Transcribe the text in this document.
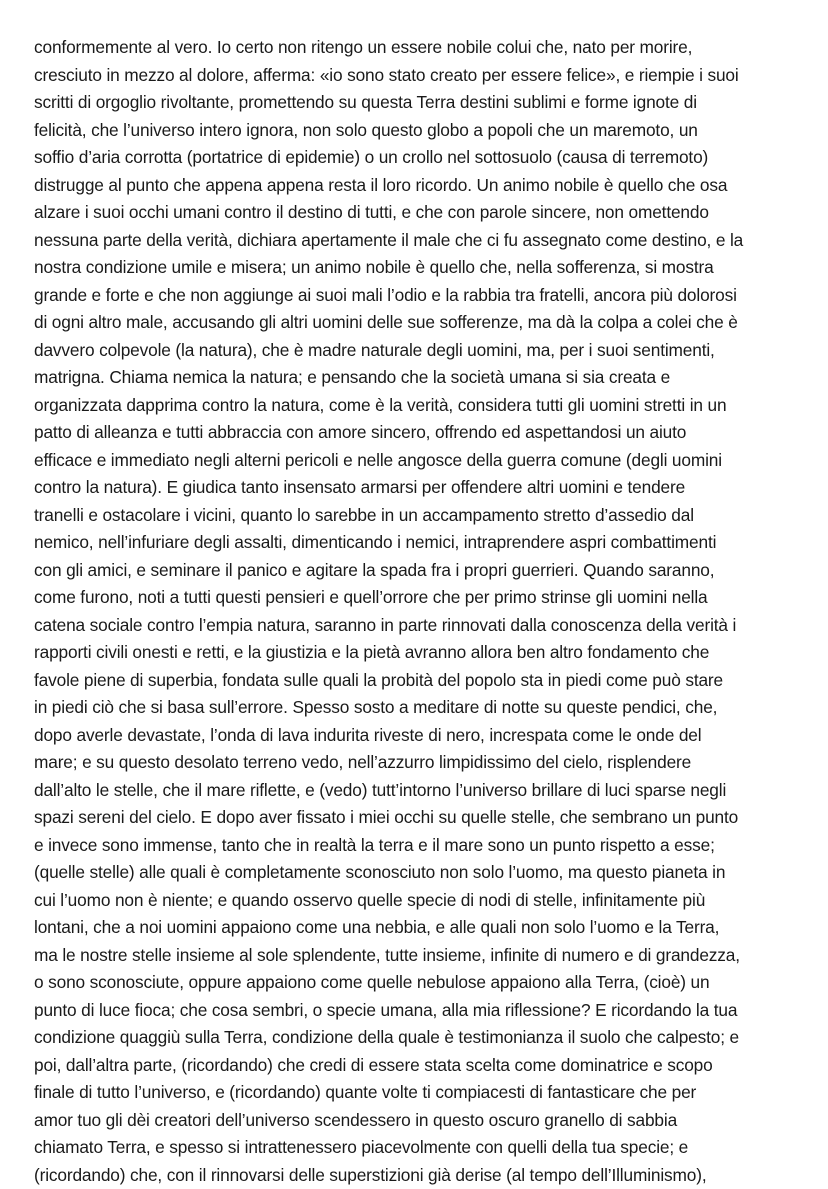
conformemente al vero. Io certo non ritengo un essere nobile colui che, nato per morire,
cresciuto in mezzo al dolore, afferma: «io sono stato creato per essere felice», e riempie i suoi
scritti di orgoglio rivoltante, promettendo su questa Terra destini sublimi e forme ignote di
felicità, che l’universo intero ignora, non solo questo globo a popoli che un maremoto, un
soffio d’aria corrotta (portatrice di epidemie) o un crollo nel sottosuolo (causa di terremoto)
distrugge al punto che appena appena resta il loro ricordo. Un animo nobile è quello che osa
alzare i suoi occhi umani contro il destino di tutti, e che con parole sincere, non omettendo
nessuna parte della verità, dichiara apertamente il male che ci fu assegnato come destino, e la
nostra condizione umile e misera; un animo nobile è quello che, nella sofferenza, si mostra
grande e forte e che non aggiunge ai suoi mali l’odio e la rabbia tra fratelli, ancora più dolorosi
di ogni altro male, accusando gli altri uomini delle sue sofferenze, ma dà la colpa a colei che è
davvero colpevole (la natura), che è madre naturale degli uomini, ma, per i suoi sentimenti,
matrigna. Chiama nemica la natura; e pensando che la società umana si sia creata e
organizzata dapprima contro la natura, come è la verità, considera tutti gli uomini stretti in un
patto di alleanza e tutti abbraccia con amore sincero, offrendo ed aspettandosi un aiuto
efficace e immediato negli alterni pericoli e nelle angosce della guerra comune (degli uomini
contro la natura). E giudica tanto insensato armarsi per offendere altri uomini e tendere
tranelli e ostacolare i vicini, quanto lo sarebbe in un accampamento stretto d’assedio dal
nemico, nell’infuriare degli assalti, dimenticando i nemici, intraprendere aspri combattimenti
con gli amici, e seminare il panico e agitare la spada fra i propri guerrieri. Quando saranno,
come furono, noti a tutti questi pensieri e quell’orrore che per primo strinse gli uomini nella
catena sociale contro l’empia natura, saranno in parte rinnovati dalla conoscenza della verità i
rapporti civili onesti e retti, e la giustizia e la pietà avranno allora ben altro fondamento che
favole piene di superbia, fondata sulle quali la probità del popolo sta in piedi come può stare
in piedi ciò che si basa sull’errore. Spesso sosto a meditare di notte su queste pendici, che,
dopo averle devastate, l’onda di lava indurita riveste di nero, increspata come le onde del
mare; e su questo desolato terreno vedo, nell’azzurro limpidissimo del cielo, risplendere
dall’alto le stelle, che il mare riflette, e (vedo) tutt’intorno l’universo brillare di luci sparse negli
spazi sereni del cielo. E dopo aver fissato i miei occhi su quelle stelle, che sembrano un punto
e invece sono immense, tanto che in realtà la terra e il mare sono un punto rispetto a esse;
(quelle stelle) alle quali è completamente sconosciuto non solo l’uomo, ma questo pianeta in
cui l’uomo non è niente; e quando osservo quelle specie di nodi di stelle, infinitamente più
lontani, che a noi uomini appaiono come una nebbia, e alle quali non solo l’uomo e la Terra,
ma le nostre stelle insieme al sole splendente, tutte insieme, infinite di numero e di grandezza,
o sono sconosciute, oppure appaiono come quelle nebulose appaiono alla Terra, (cioè) un
punto di luce fioca; che cosa sembri, o specie umana, alla mia riflessione? E ricordando la tua
condizione quaggiù sulla Terra, condizione della quale è testimonianza il suolo che calpesto; e
poi, dall’altra parte, (ricordando) che credi di essere stata scelta come dominatrice e scopo
finale di tutto l’universo, e (ricordando) quante volte ti compiacesti di fantasticare che per
amor tuo gli dèi creatori dell’universo scendessero in questo oscuro granello di sabbia
chiamato Terra, e spesso si intrattenessero piacevolmente con quelli della tua specie; e
(ricordando) che, con il rinnovarsi delle superstizioni già derise (al tempo dell’Illuminismo),
